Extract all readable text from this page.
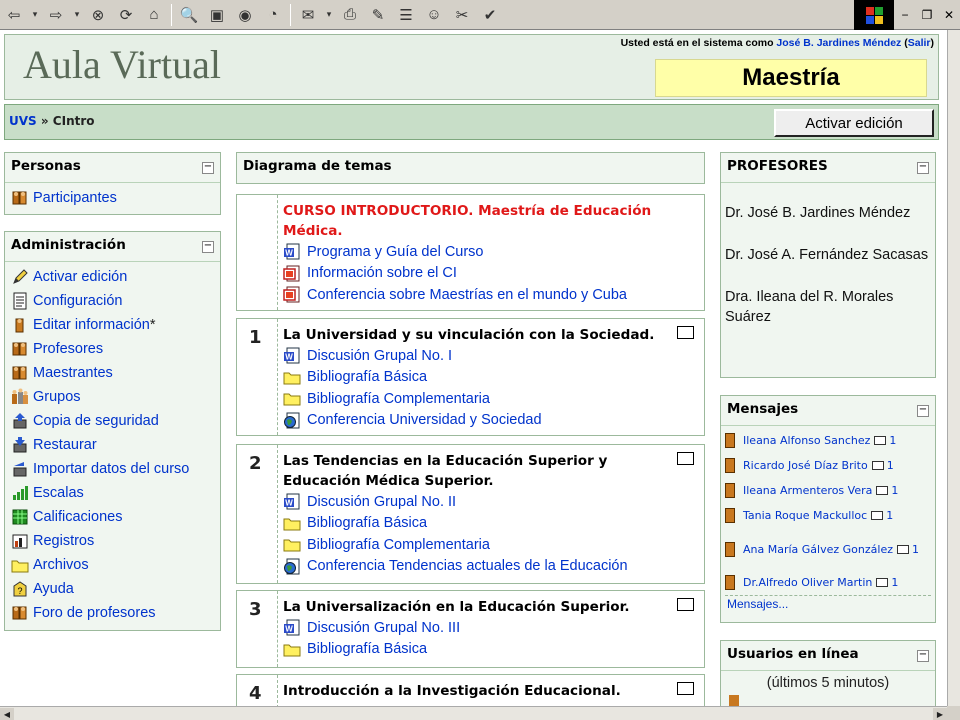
⇦	▾ ⇨	▾ ⊗	⟳	⌂	🔍 ▣ ◉	◔	✉	▾ ⎙	✎ ☰ ☺ ✂	✔	−	❐ ✕
Aula Virtual	Usted está en el sistema como José B. Jardines Méndez (Salir)
Maestría
UVS » CIntro	Activar edición
Personas	−
Participantes
Administración	−
Activar edición
Configuración
Editar información *
Profesores
Maestrantes
Grupos
Copia de seguridad
Restaurar
Importar datos del curso
Escalas
Calificaciones
Registros
Archivos
? Ayuda
Foro de profesores
Diagrama de temas
CURSO INTRODUCTORIO. Maestría de Educación Médica.
W Programa y Guía del Curso
Información sobre el CI
Conferencia sobre Maestrías en el mundo y Cuba
1 La Universidad y su vinculación con la Sociedad.
W Discusión Grupal No. I
Bibliografía Básica
Bibliografía Complementaria
Conferencia Universidad y Sociedad
2 Las Tendencias en la Educación Superior y Educación Médica Superior.
W Discusión Grupal No. II
Bibliografía Básica
Bibliografía Complementaria
Conferencia Tendencias actuales de la Educación
3 La Universalización en la Educación Superior.
W Discusión Grupal No. III
Bibliografía Básica
4 Introducción a la Investigación Educacional.
PROFESORES	−
Dr. José B. Jardines Méndez
Dr. José A. Fernández Sacasas
Dra. Ileana del R. Morales Suárez
Mensajes	−
Ileana Alfonso Sanchez 1
Ricardo José Díaz Brito 1
Ileana Armenteros Vera 1
Tania Roque Mackulloc 1
Ana María Gálvez González 1
Dr.Alfredo Oliver Martin 1
Mensajes...
Usuarios en línea	−
(últimos 5 minutos)
◀	▶
